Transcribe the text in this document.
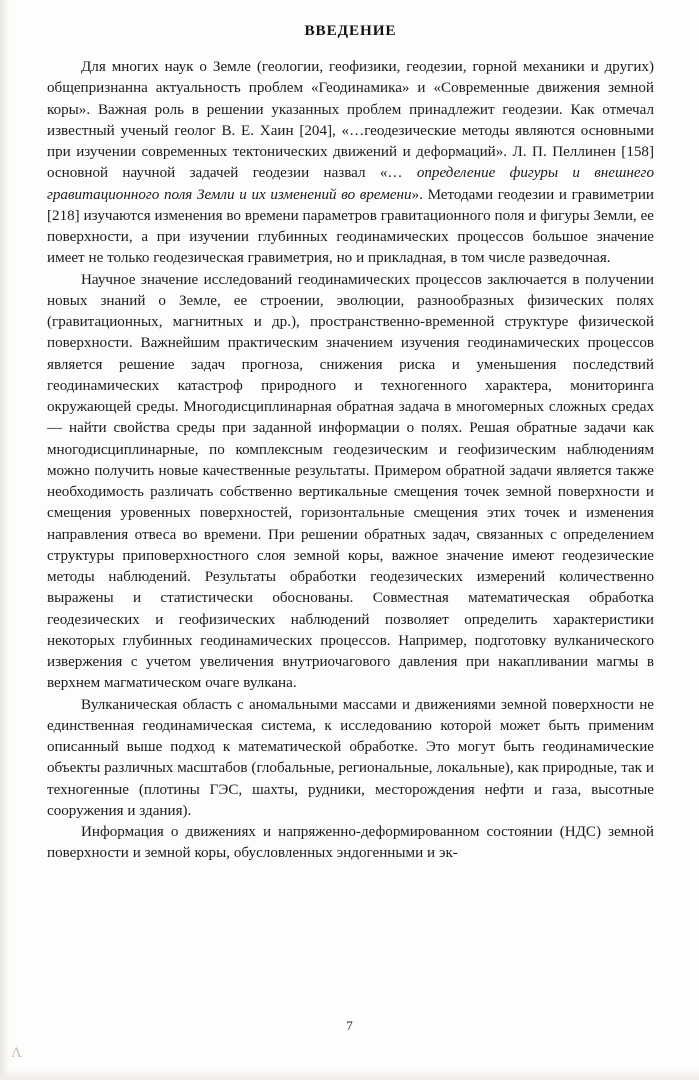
ВВЕДЕНИЕ

Для многих наук о Земле (геологии, геофизики, геодезии, горной механики и других) общепризнанна актуальность проблем «Геодинамика» и «Современные движения земной коры». Важная роль в решении указанных проблем принадлежит геодезии. Как отмечал известный ученый геолог В. Е. Хаин [204], «…геодезические методы являются основными при изучении современных тектонических движений и деформаций». Л. П. Пеллинен [158] основной научной задачей геодезии назвал «… определение фигуры и внешнего гравитационного поля Земли и их изменений во времени». Методами геодезии и гравиметрии [218] изучаются изменения во времени параметров гравитационного поля и фигуры Земли, ее поверхности, а при изучении глубинных геодинамических процессов большое значение имеет не только геодезическая гравиметрия, но и прикладная, в том числе разведочная.

Научное значение исследований геодинамических процессов заключается в получении новых знаний о Земле, ее строении, эволюции, разнообразных физических полях (гравитационных, магнитных и др.), пространственно-временной структуре физической поверхности. Важнейшим практическим значением изучения геодинамических процессов является решение задач прогноза, снижения риска и уменьшения последствий геодинамических катастроф природного и техногенного характера, мониторинга окружающей среды. Многодисциплинарная обратная задача в многомерных сложных средах — найти свойства среды при заданной информации о полях. Решая обратные задачи как многодисциплинарные, по комплексным геодезическим и геофизическим наблюдениям можно получить новые качественные результаты. Примером обратной задачи является также необходимость различать собственно вертикальные смещения точек земной поверхности и смещения уровенных поверхностей, горизонтальные смещения этих точек и изменения направления отвеса во времени. При решении обратных задач, связанных с определением структуры приповерхностного слоя земной коры, важное значение имеют геодезические методы наблюдений. Результаты обработки геодезических измерений количественно выражены и статистически обоснованы. Совместная математическая обработка геодезических и геофизических наблюдений позволяет определить характеристики некоторых глубинных геодинамических процессов. Например, подготовку вулканического извержения с учетом увеличения внутриочагового давления при накапливании магмы в верхнем магматическом очаге вулкана.

Вулканическая область с аномальными массами и движениями земной поверхности не единственная геодинамическая система, к исследованию которой может быть применим описанный выше подход к математической обработке. Это могут быть геодинамические объекты различных масштабов (глобальные, региональные, локальные), как природные, так и техногенные (плотины ГЭС, шахты, рудники, месторождения нефти и газа, высотные сооружения и здания).

Информация о движениях и напряженно-деформированном состоянии (НДС) земной поверхности и земной коры, обусловленных эндогенными и эк-

7
Λ
